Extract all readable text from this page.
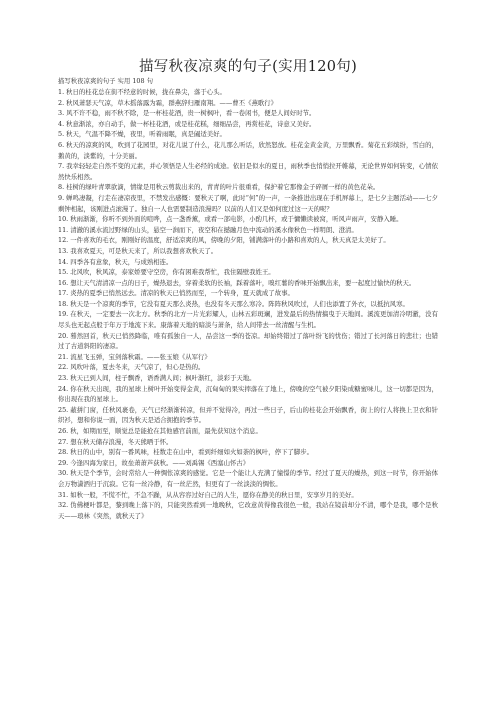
描写秋夜凉爽的句子(实用120句)

描写秋夜凉爽的句子 实用 108 句

1. 秋日的桂花总在街不经意的时候，拢在鼻尖，落于心头。

2. 秋风萧瑟天气凉，草木摇落露为霜，群燕辞归雁南翔。——曹丕《燕歌行》

3. 风不许不稳，雨不秋不除，是一杯桂花酒，贵一树枫叶，看一卷闲书，便是人间好时节。

4. 秋意渐浓，亦自动手，做一杯桂花酒，或是桂花糕，细细品尝，再赏桂花，诗意又美好。

5. 秋天，气温不降不燥，夜里，听着雨眠，真是阖适美好。

6. 秋天的凉爽的风，吹到了花园里，对花儿说了什么，花儿那么听话，欣然怒放。桂花金黄金黄，万里飘香。菊花五彩缤纷，雪白的，鹅黄的，淡紫的，十分美丽。

7. 我幸轻轻走自然不变的元素，并心领悟是人生必经的成途。依旧是似水的夏日，雨秋季也悄悄拉开帷幕，无论世界如何转变，心情依然快乐相然。

8. 桂树的绿叶青翠欲滴，情缘是用秋云剪裁出来的，青青的叶片很重看，保护着它那像金子碎屑一样的黄色花朵。

9. 蝉鸣凄凝，行走在凄凉夜里，不禁发出感慨：要秋天了啊，此时“何”的一声，一条推进出现在手机屏幕上，是七夕主题活动——七夕剩钟相起，该刚进点滚漫了。独自一人也需要制造浪漫吗？以前的人们又是如何度过这一天的呢？

10. 秋雨渐渐，你听不到外面的喧哗，点一盏香薰，或看一部电影，小酌几杯，或于慵懒读被窝，听风声雨声，安静入睡。

11. 清澈的溪水流过野绿的山头，悬空一涧而下，夜空和在撼融月色中流动的溪水像秋色一样明朗、澄清。

12. 一件喜欢的毛衣，刚刚好的温度，舒适凉爽的风，傍晚的夕阳，铺满落叶的小路和喜欢的人，秋天真是太美好了。

13. 我喜欢夏天，可是秋天来了，所以我想喜欢秋天了。

14. 四季各有意象，秋天，与成熟相连。

15. 北风吹，秋风凉，泰家娇要守空房，你有困难我帮忙，我住隔壁我姓王。

16. 想让天气清清凉一点的日子，燥热退去，穿着柔软的长袖，踩着落叶，嗅红薯的香味开始飘出来，要一起度过愉快的秋天。

17. 炎热的夏季已悄然远去。清凉的秋天已悄然而至，一个转身，夏天就成了故事。

18. 秋天是一个凉爽的季节，它没有夏天那么炎热，也没有冬天那么寒冷。阵阵秋风吹过，人们也添置了外衣，以抵抗风寒。

19. 在秋天，一定要去一次北方。秋季的北方一片光彩耀人，山林五彩斑斓，进发最后的热情搞曳于天地间。溪流更加清冷明澈，没有尽头也无起点般于年万于地流下来。康落着天地的暗淡与萧条，给人间带去一丝清醒与生机。

20. 蓦然回首，秋天已悄然降临，唯有孤独自一人，品尝这一季的苍凉。却始终错过了落叶纷飞的忧伤；错过了长河落日的悲壮；也错过了古道斜阳的凄凉。

21. 流星飞玉弹，宝剑落秋霜。——张玉娘《从军行》

22. 风吹叶落，夏去冬来，天气凉了，但心是热的。

23. 秋天已到人间，柱子飘香，语香满人间；枫叶渐红，淡彩于天地。

24. 你在秋天出现，我的星球上树叶开始变得金黄，沉甸甸的果实摔落在了地上，傍晚的空气被夕阳染成糖蜜味儿，这一切都是因为，你出现在我的星球上。

25. 蔽拼门窗，任秋风裹卷，天气已经渐渐转凉，但并不觉得冷，再过一些日子，后山的桂花会开始飘香，街上的行人将换上卫衣和针织衫，想和你说一面，因为秋天是适合拥抱的季节。

26. 秋，如期而至，顺觉总是能抢在其他感官前面，最先获知这个消息。

27. 想在秋天储存浪漫，冬天熊晒于怀。

28. 秋日的山中，别有一番风味，桂数走在山中，看到纤细如火如荼的枫叶，停下了脚步。

29. 今逢四海为家日，故垒萧萧芦荻秋。——刘禹锡《西塞山怀古》

30. 秋天是个季节，会时常给人一种惆怅凉爽的感觉。它是一个能让人充满了憧憬的季节。经过了夏天的燥热，到这一时节，你开始体会万物潇洒归于沉寂。它有一丝冷静，有一丝茫然，但更有了一丝淡淡的惆怅。

31. 如秋一般，不慌不忙，不急不躁，从从容容过好自己的人生，愿你在静美的秋日里，安享岁月的美好。

32. 伪佛梗叶都是，黎到晚上落下的，只能突然看到一地晚秋，它改意黄得像我很色一般，我站在镜前却分不清，哪个是我，哪个是秋天——琅林《突然，就秋天了》
